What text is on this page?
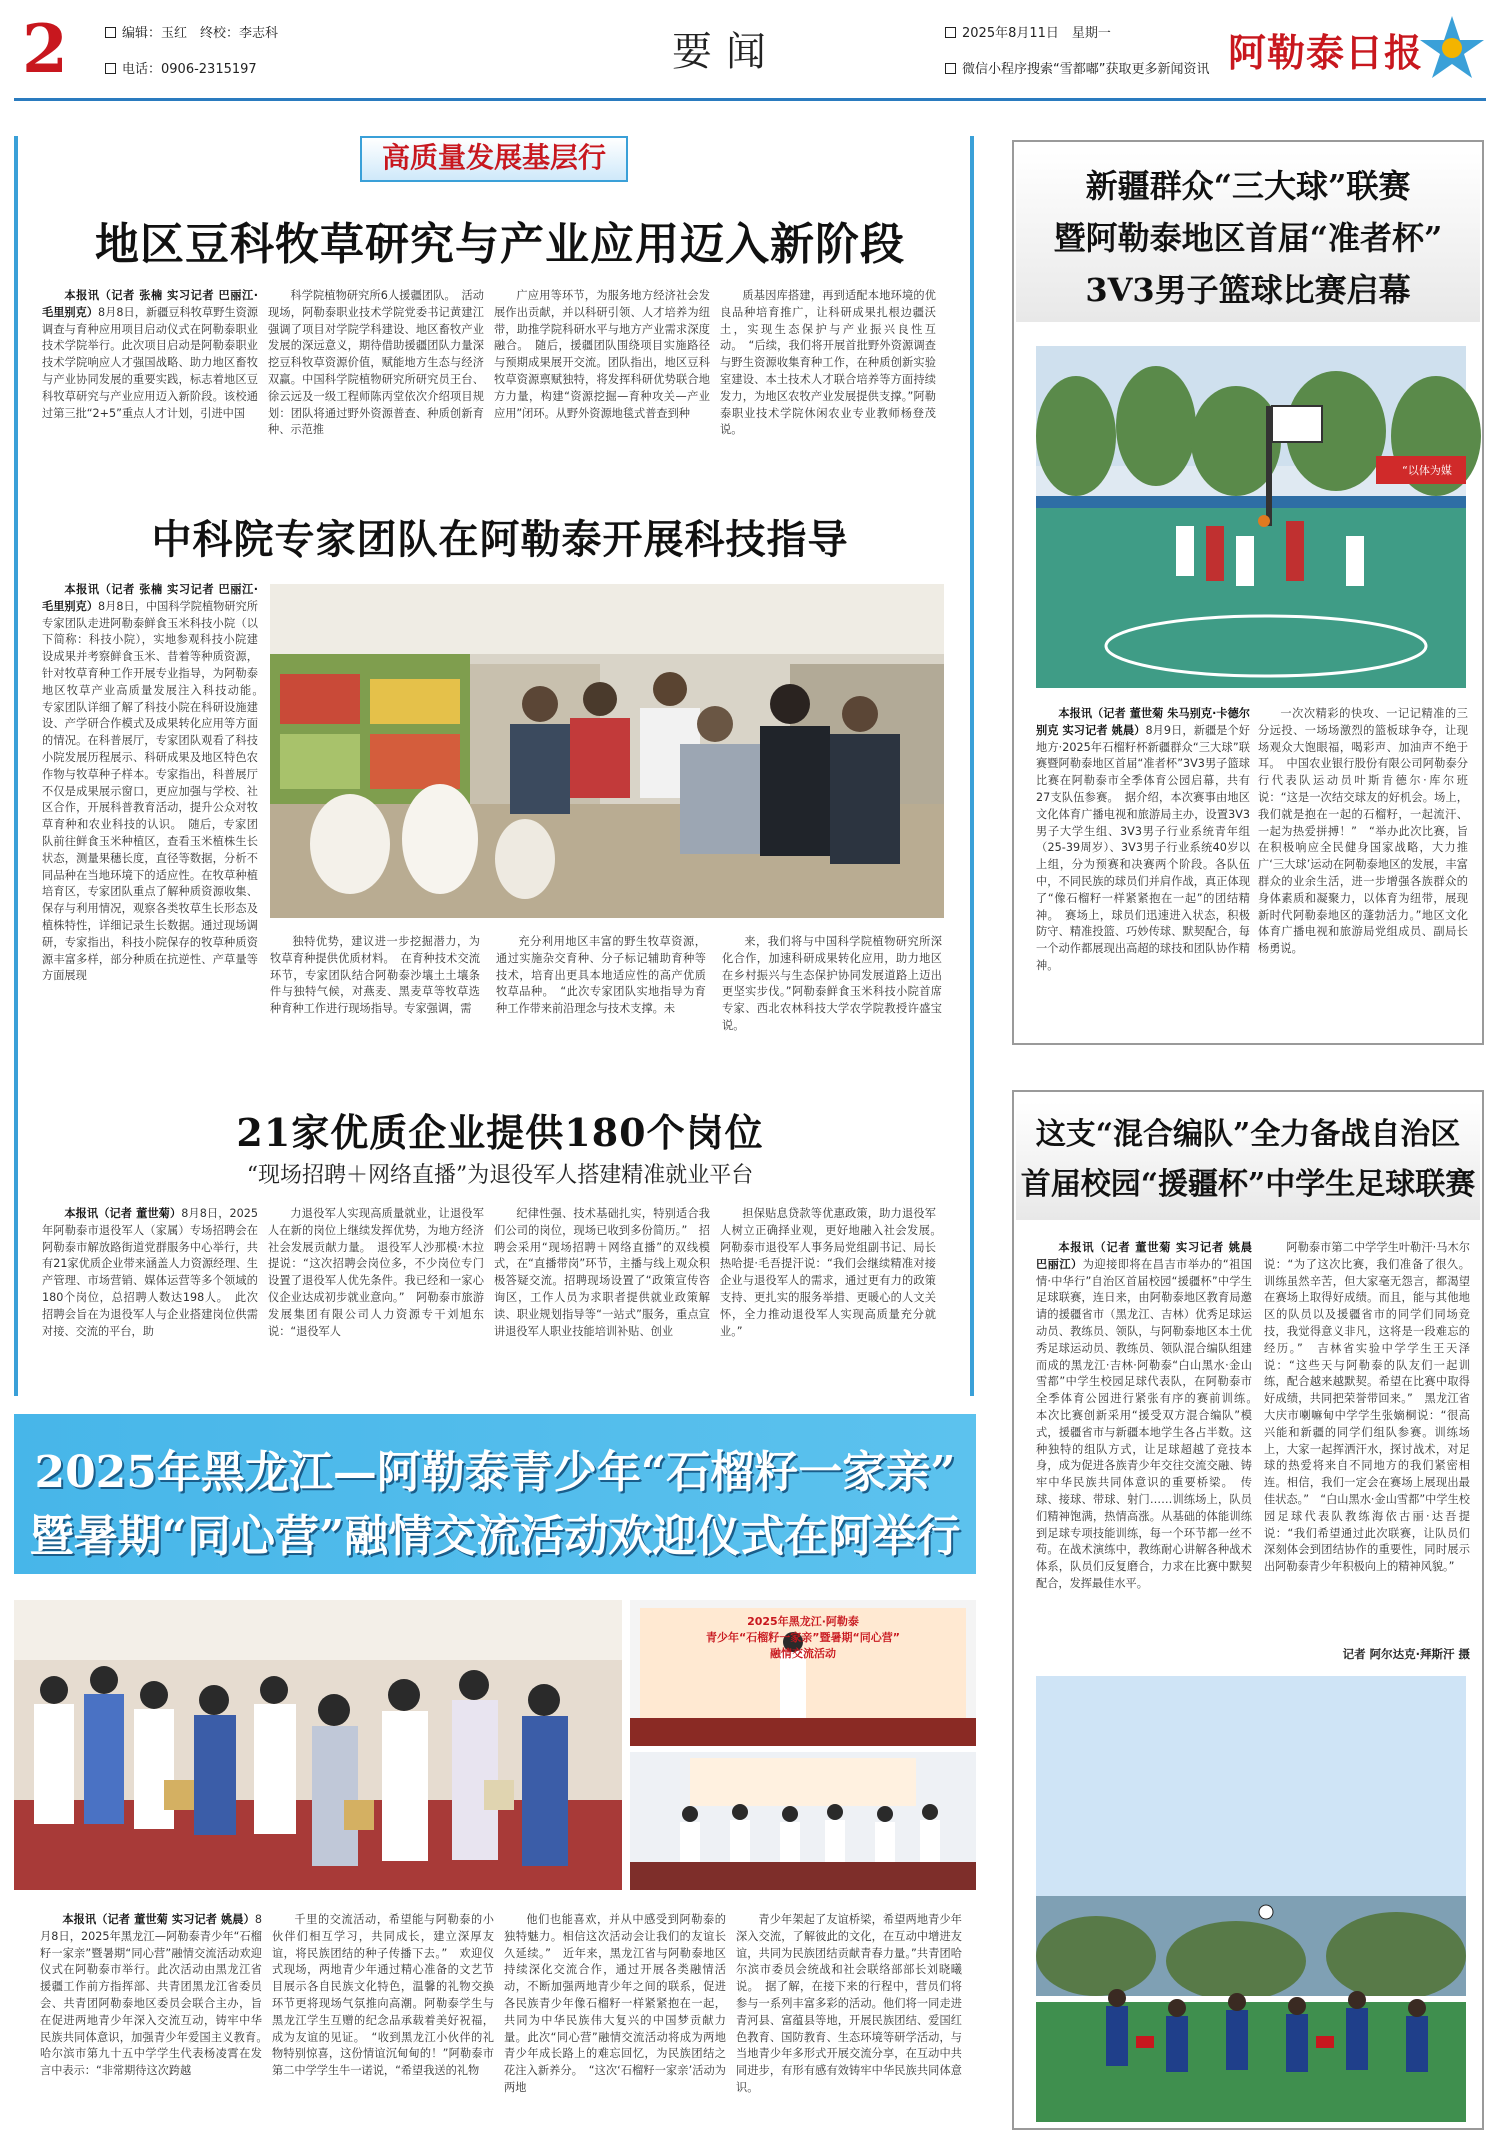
2	编辑：玉红　终校：李志科
电话：0906-2315197	要闻	2025年8月11日　星期一
微信小程序搜索“雪都嘟”获取更多新闻资讯 阿勒泰日报
高质量发展基层行
地区豆科牧草研究与产业应用迈入新阶段
本报讯（记者 张楠 实习记者 巴丽江·毛里别克）8月8日，新疆豆科牧草野生资源调查与育种应用项目启动仪式在阿勒泰职业技术学院举行。此次项目启动是阿勒泰职业技术学院响应人才强国战略、助力地区畜牧与产业协同发展的重要实践，标志着地区豆科牧草研究与产业应用迈入新阶段。该校通过第三批“2+5”重点人才计划，引进中国
科学院植物研究所6人援疆团队。　活动现场，阿勒泰职业技术学院党委书记黄建江强调了项目对学院学科建设、地区畜牧产业发展的深远意义，期待借助援疆团队力量深挖豆科牧草资源价值，赋能地方生态与经济双赢。中国科学院植物研究所研究员王台、徐云远及一级工程师陈丙堂依次介绍项目规划：团队将通过野外资源普查、种质创新育种、示范推
广应用等环节，为服务地方经济社会发展作出贡献，并以科研引领、人才培养为纽带，助推学院科研水平与地方产业需求深度融合。　随后，援疆团队围绕项目实施路径与预期成果展开交流。团队指出，地区豆科牧草资源禀赋独特，将发挥科研优势联合地方力量，构建“资源挖掘—育种攻关—产业应用”闭环。从野外资源地毯式普查到种
质基因库搭建，再到适配本地环境的优良品种培育推广，让科研成果扎根边疆沃土，实现生态保护与产业振兴良性互动。　“后续，我们将开展首批野外资源调查与野生资源收集育种工作，在种质创新实验室建设、本土技术人才联合培养等方面持续发力，为地区农牧产业发展提供支撑。”阿勒泰职业技术学院休闲农业专业教师杨登茂说。
中科院专家团队在阿勒泰开展科技指导
本报讯（记者 张楠 实习记者 巴丽江·毛里别克）8月8日，中国科学院植物研究所专家团队走进阿勒泰鲜食玉米科技小院（以下简称：科技小院），实地参观科技小院建设成果并考察鲜食玉米、昔着等种质资源，针对牧草育种工作开展专业指导，为阿勒泰地区牧草产业高质量发展注入科技动能。　专家团队详细了解了科技小院在科研设施建设、产学研合作模式及成果转化应用等方面的情况。在科普展厅，专家团队观看了科技小院发展历程展示、科研成果及地区特色农作物与牧草种子样本。专家指出，科普展厅不仅是成果展示窗口，更应加强与学校、社区合作，开展科普教育活动，提升公众对牧草育种和农业科技的认识。　随后，专家团队前往鲜食玉米种植区，查看玉米植株生长状态，测量果穗长度，直径等数据，分析不同品种在当地环境下的适应性。在牧草种植培育区，专家团队重点了解种质资源收集、保存与利用情况，观察各类牧草生长形态及植株特性，详细记录生长数据。通过现场调研，专家指出，科技小院保存的牧草种质资源丰富多样，部分种质在抗逆性、产草量等方面展现
独特优势，建议进一步挖掘潜力，为牧草育种提供优质材料。　在育种技术交流环节，专家团队结合阿勒泰沙壤土土壤条件与独特气候，对燕麦、黑麦草等牧草选种育种工作进行现场指导。专家强调，需
充分利用地区丰富的野生牧草资源，通过实施杂交育种、分子标记辅助育种等技术，培育出更具本地适应性的高产优质牧草品种。　“此次专家团队实地指导为育种工作带来前沿理念与技术支撑。未
来，我们将与中国科学院植物研究所深化合作，加速科研成果转化应用，助力地区在乡村振兴与生态保护协同发展道路上迈出更坚实步伐。”阿勒泰鲜食玉米科技小院首席专家、西北农林科技大学农学院教授许盛宝说。
21家优质企业提供180个岗位
“现场招聘＋网络直播”为退役军人搭建精准就业平台
本报讯（记者 董世菊）8月8日，2025年阿勒泰市退役军人（家属）专场招聘会在阿勒泰市解放路街道党群服务中心举行，共有21家优质企业带来涵盖人力资源经理、生产管理、市场营销、媒体运营等多个领域的180个岗位，总招聘人数达198人。　此次招聘会旨在为退役军人与企业搭建岗位供需对接、交流的平台，助
力退役军人实现高质量就业，让退役军人在新的岗位上继续发挥优势，为地方经济社会发展贡献力量。　退役军人沙那模·木拉提说：“这次招聘会岗位多，不少岗位专门设置了退役军人优先条件。我已经和一家心仪企业达成初步就业意向。”　阿勒泰市旅游发展集团有限公司人力资源专干刘旭东说：“退役军人
纪律性强、技术基础扎实，特别适合我们公司的岗位，现场已收到多份简历。”　招聘会采用“现场招聘＋网络直播”的双线模式，在“直播带岗”环节，主播与线上观众积极答疑交流。招聘现场设置了“政策宣传咨询区，工作人员为求职者提供就业政策解读、职业规划指导等“一站式”服务，重点宣讲退役军人职业技能培训补贴、创业
担保贴息贷款等优惠政策，助力退役军人树立正确择业观，更好地融入社会发展。　阿勒泰市退役军人事务局党组副书记、局长热哈提·毛吾提汗说：“我们会继续精准对接企业与退役军人的需求，通过更有力的政策支持、更扎实的服务举措、更暖心的人文关怀，全力推动退役军人实现高质量充分就业。”
2025年黑龙江—阿勒泰青少年“石榴籽一家亲”
暨暑期“同心营”融情交流活动欢迎仪式在阿举行
2025年黑龙江·阿勒泰
青少年“石榴籽一家亲”暨暑期“同心营”
融情交流活动
本报讯（记者 董世菊 实习记者 姚晨）8月8日，2025年黑龙江—阿勒泰青少年“石榴籽一家亲”暨暑期“同心营”融情交流活动欢迎仪式在阿勒泰市举行。此次活动由黑龙江省援疆工作前方指挥部、共青团黑龙江省委员会、共青团阿勒泰地区委员会联合主办，旨在促进两地青少年深入交流互动，铸牢中华民族共同体意识，加强青少年爱国主义教育。　哈尔滨市第九十五中学学生代表杨凌霄在发言中表示：“非常期待这次跨越
千里的交流活动，希望能与阿勒泰的小伙伴们相互学习，共同成长，建立深厚友谊，将民族团结的种子传播下去。”　欢迎仪式现场，两地青少年通过精心准备的文艺节目展示各自民族文化特色，温馨的礼物交换环节更将现场气氛推向高潮。阿勒泰学生与黑龙江学生互赠的纪念品承载着美好祝福，成为友谊的见证。　“收到黑龙江小伙伴的礼物特别惊喜，这份情谊沉甸甸的！”阿勒泰市第二中学学生牛一诺说，“希望我送的礼物
他们也能喜欢，并从中感受到阿勒泰的独特魅力。相信这次活动会让我们的友谊长久延续。”　近年来，黑龙江省与阿勒泰地区持续深化交流合作，通过开展各类融情活动，不断加强两地青少年之间的联系，促进各民族青少年像石榴籽一样紧紧抱在一起，共同为中华民族伟大复兴的中国梦贡献力量。此次“同心营”融情交流活动将成为两地青少年成长路上的难忘回忆，为民族团结之花注入新养分。　“这次‘石榴籽一家亲’活动为两地
青少年架起了友谊桥梁，希望两地青少年深入交流，了解彼此的文化，在互动中增进友谊，共同为民族团结贡献青春力量。”共青团哈尔滨市委员会统战和社会联络部部长刘晓曦说。　据了解，在接下来的行程中，营员们将参与一系列丰富多彩的活动。他们将一同走进青河县、富蕴县等地，开展民族团结、爱国红色教育、国防教育、生态环境等研学活动，与当地青少年多形式开展交流分享，在互动中共同进步，有形有感有效铸牢中华民族共同体意识。
新疆群众“三大球”联赛
暨阿勒泰地区首届“准者杯”
3V3男子篮球比赛启幕
“以体为媒
本报讯（记者 董世菊 朱马别克·卡德尔别克 实习记者 姚晨）8月9日，新疆是个好地方·2025年石榴籽杯新疆群众“三大球”联赛暨阿勒泰地区首届“准者杯”3V3男子篮球比赛在阿勒泰市全季体育公园启幕，共有27支队伍参赛。　据介绍，本次赛事由地区文化体育广播电视和旅游局主办，设置3V3男子大学生组、3V3男子行业系统青年组（25-39周岁）、3V3男子行业系统40岁以上组，分为预赛和决赛两个阶段。各队伍中，不同民族的球员们并肩作战，真正体现了“像石榴籽一样紧紧抱在一起”的团结精神。　赛场上，球员们迅速进入状态，积极防守、精准投篮、巧妙传球、默契配合，每一个动作都展现出高超的球技和团队协作精神。
一次次精彩的快攻、一记记精准的三分远投、一场场激烈的篮板球争夺，让现场观众大饱眼福，喝彩声、加油声不绝于耳。　中国农业银行股份有限公司阿勒泰分行代表队运动员叶斯肯德尔·库尔班说：“这是一次结交球友的好机会。场上，我们就是抱在一起的石榴籽，一起流汗、一起为热爱拼搏！”　“举办此次比赛，旨在积极响应全民健身国家战略，大力推广‘三大球’运动在阿勒泰地区的发展，丰富群众的业余生活，进一步增强各族群众的身体素质和凝聚力，以体育为纽带，展现新时代阿勒泰地区的蓬勃活力。”地区文化体育广播电视和旅游局党组成员、副局长杨勇说。
这支“混合编队”全力备战自治区
首届校园“援疆杯”中学生足球联赛
本报讯（记者 董世菊 实习记者 姚晨 巴丽江）为迎接即将在昌吉市举办的“祖国情·中华行”自治区首届校园“援疆杯”中学生足球联赛，连日来，由阿勒泰地区教育局邀请的援疆省市（黑龙江、吉林）优秀足球运动员、教练员、领队，与阿勒泰地区本土优秀足球运动员、教练员、领队混合编队组建而成的黑龙江·吉林·阿勒泰“白山黑水·金山雪都”中学生校园足球代表队，在阿勒泰市全季体育公园进行紧张有序的赛前训练。　本次比赛创新采用“援受双方混合编队”模式，援疆省市与新疆本地学生各占半数。这种独特的组队方式，让足球超越了竞技本身，成为促进各族青少年交往交流交融、铸牢中华民族共同体意识的重要桥梁。　传球、接球、带球、射门……训练场上，队员们精神饱满，热情高涨。从基础的体能训练到足球专项技能训练，每一个环节都一丝不苟。在战术演练中，教练耐心讲解各种战术体系，队员们反复磨合，力求在比赛中默契配合，发挥最佳水平。
阿勒泰市第二中学学生叶勒汗·马木尔说：“为了这次比赛，我们准备了很久。训练虽然辛苦，但大家毫无怨言，都渴望在赛场上取得好成绩。而且，能与其他地区的队员以及援疆省市的同学们同场竞技，我觉得意义非凡，这将是一段难忘的经历。”　吉林省实验中学学生王天泽说：“这些天与阿勒泰的队友们一起训练，配合越来越默契。希望在比赛中取得好成绩，共同把荣誉带回来。”　黑龙江省大庆市喇嘛甸中学学生张嫡桐说：“很高兴能和新疆的同学们组队参赛。训练场上，大家一起挥洒汗水，探讨战术，对足球的热爱将来自不同地方的我们紧密相连。相信，我们一定会在赛场上展现出最佳状态。”　“白山黑水·金山雪都”中学生校园足球代表队教练海依古丽·达吾提说：“我们希望通过此次联赛，让队员们深刻体会到团结协作的重要性，同时展示出阿勒泰青少年积极向上的精神风貌。”
记者 阿尔达克·拜斯汗 摄
